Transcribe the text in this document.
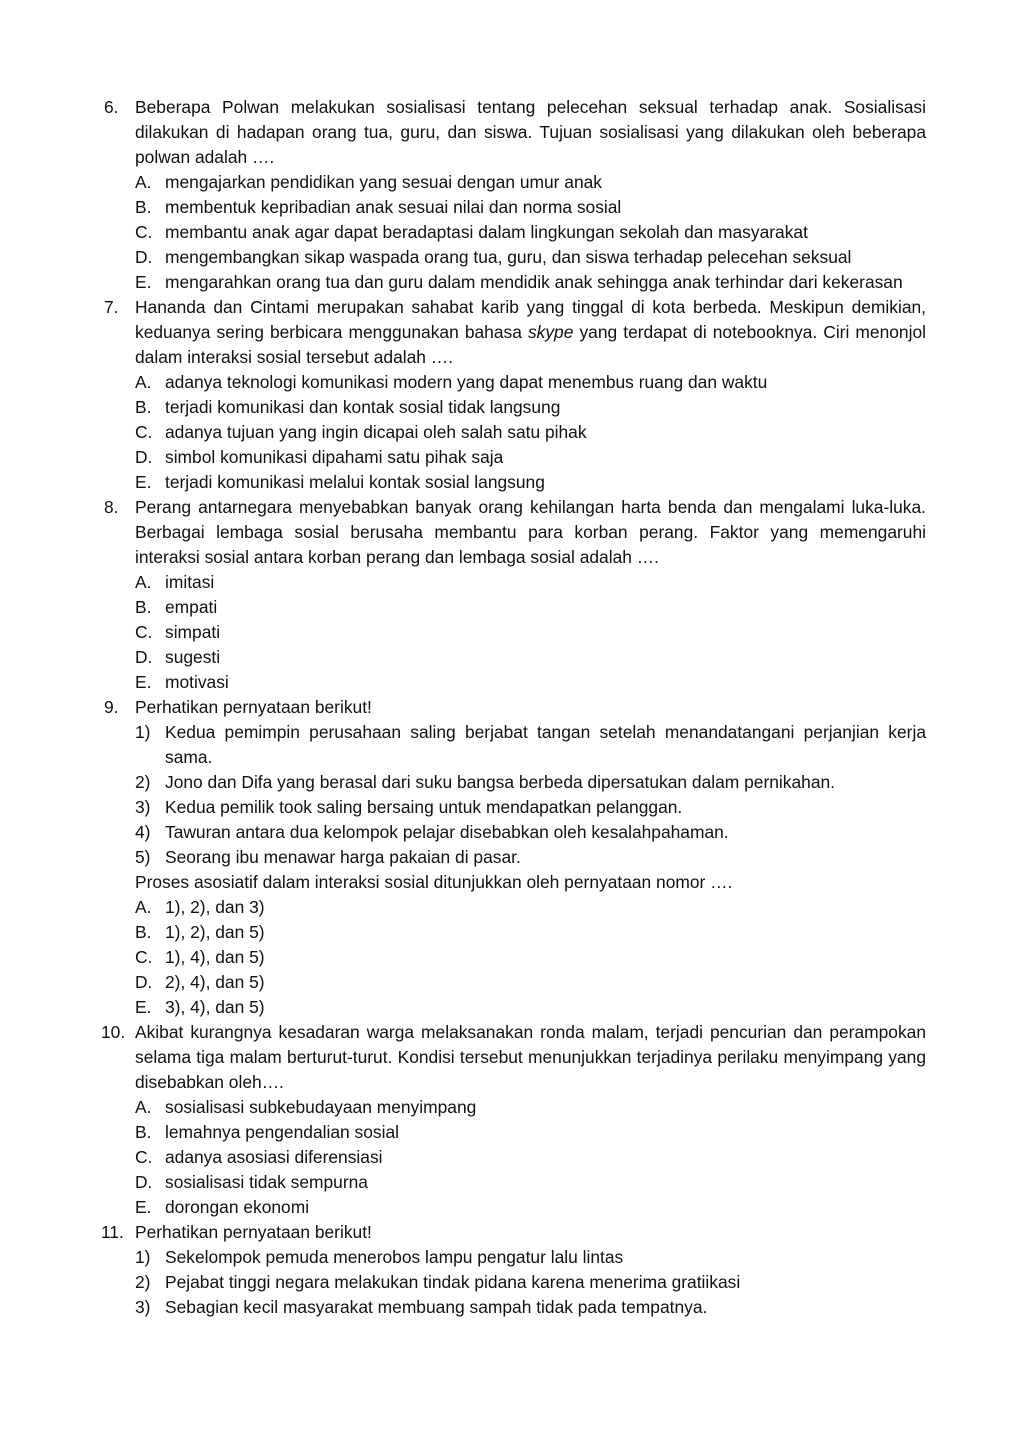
6. Beberapa Polwan melakukan sosialisasi tentang pelecehan seksual terhadap anak. Sosialisasi dilakukan di hadapan orang tua, guru, dan siswa. Tujuan sosialisasi yang dilakukan oleh beberapa polwan adalah ….
A. mengajarkan pendidikan yang sesuai dengan umur anak
B. membentuk kepribadian anak sesuai nilai dan norma sosial
C. membantu anak agar dapat beradaptasi dalam lingkungan sekolah dan masyarakat
D. mengembangkan sikap waspada orang tua, guru, dan siswa terhadap pelecehan seksual
E. mengarahkan orang tua dan guru dalam mendidik anak sehingga anak terhindar dari kekerasan
7. Hananda dan Cintami merupakan sahabat karib yang tinggal di kota berbeda. Meskipun demikian, keduanya sering berbicara menggunakan bahasa skype yang terdapat di notebooknya. Ciri menonjol dalam interaksi sosial tersebut adalah ….
A. adanya teknologi komunikasi modern yang dapat menembus ruang dan waktu
B. terjadi komunikasi dan kontak sosial tidak langsung
C. adanya tujuan yang ingin dicapai oleh salah satu pihak
D. simbol komunikasi dipahami satu pihak saja
E. terjadi komunikasi melalui kontak sosial langsung
8. Perang antarnegara menyebabkan banyak orang kehilangan harta benda dan mengalami luka-luka. Berbagai lembaga sosial berusaha membantu para korban perang. Faktor yang memengaruhi interaksi sosial antara korban perang dan lembaga sosial adalah ….
A. imitasi
B. empati
C. simpati
D. sugesti
E. motivasi
9. Perhatikan pernyataan berikut!
1) Kedua pemimpin perusahaan saling berjabat tangan setelah menandatangani perjanjian kerja sama.
2) Jono dan Difa yang berasal dari suku bangsa berbeda dipersatukan dalam pernikahan.
3) Kedua pemilik took saling bersaing untuk mendapatkan pelanggan.
4) Tawuran antara dua kelompok pelajar disebabkan oleh kesalahpahaman.
5) Seorang ibu menawar harga pakaian di pasar.
Proses asosiatif dalam interaksi sosial ditunjukkan oleh pernyataan nomor ….
A. 1), 2), dan 3)
B. 1), 2), dan 5)
C. 1), 4), dan 5)
D. 2), 4), dan 5)
E. 3), 4), dan 5)
10. Akibat kurangnya kesadaran warga melaksanakan ronda malam, terjadi pencurian dan perampokan selama tiga malam berturut-turut. Kondisi tersebut menunjukkan terjadinya perilaku menyimpang yang disebabkan oleh….
A. sosialisasi subkebudayaan menyimpang
B. lemahnya pengendalian sosial
C. adanya asosiasi diferensiasi
D. sosialisasi tidak sempurna
E. dorongan ekonomi
11. Perhatikan pernyataan berikut!
1) Sekelompok pemuda menerobos lampu pengatur lalu lintas
2) Pejabat tinggi negara melakukan tindak pidana karena menerima gratiikasi
3) Sebagian kecil masyarakat membuang sampah tidak pada tempatnya.
